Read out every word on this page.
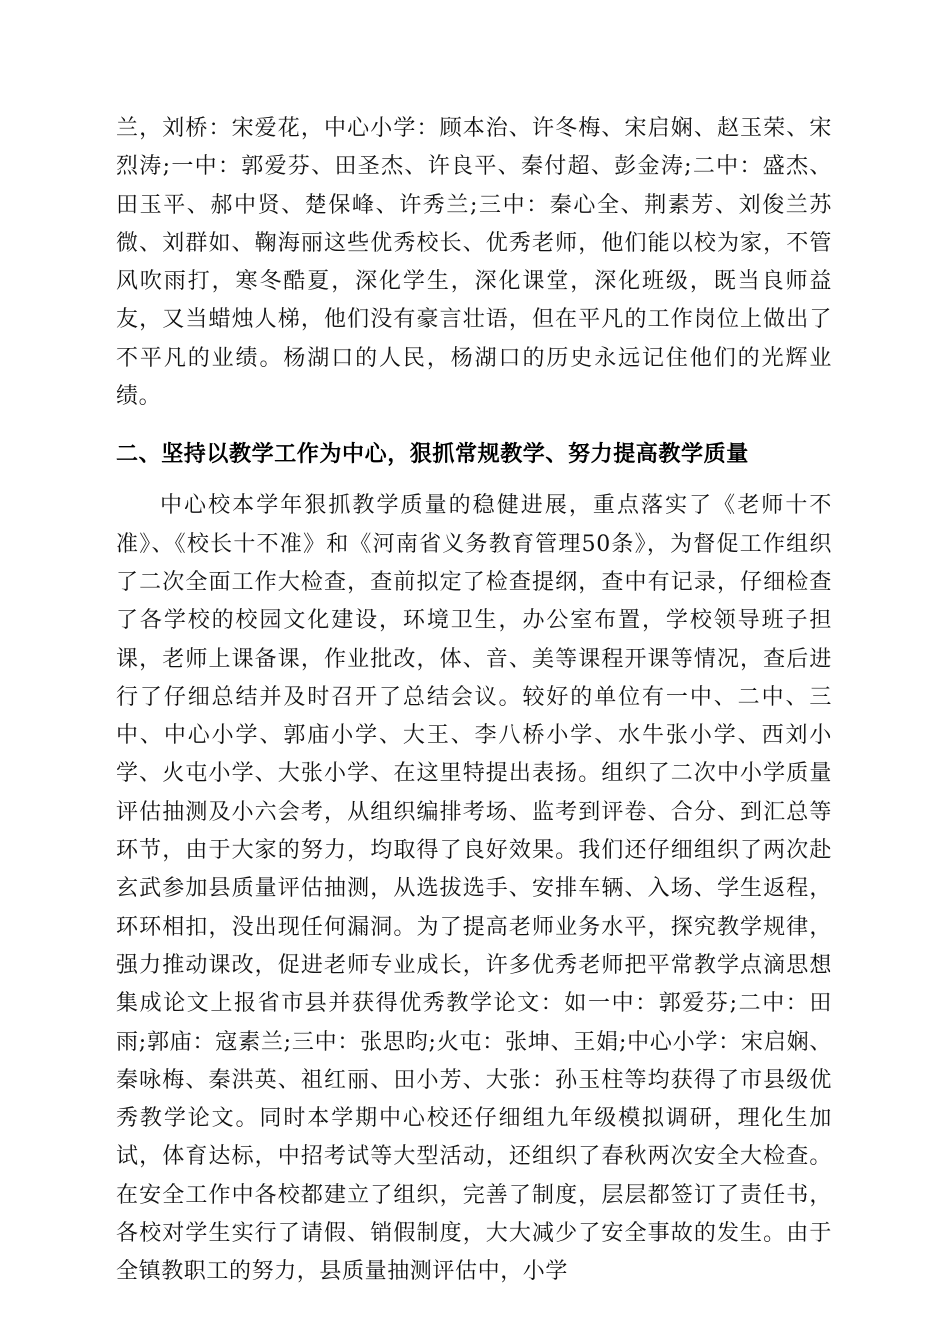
兰，刘桥：宋爱花，中心小学：顾本治、许冬梅、宋启娴、赵玉荣、宋烈涛;一中：郭爱芬、田圣杰、许良平、秦付超、彭金涛;二中：盛杰、田玉平、郝中贤、楚保峰、许秀兰;三中：秦心全、荆素芳、刘俊兰苏微、刘群如、鞠海丽这些优秀校长、优秀老师，他们能以校为家，不管风吹雨打，寒冬酷夏，深化学生，深化课堂，深化班级，既当良师益友，又当蜡烛人梯，他们没有豪言壮语，但在平凡的工作岗位上做出了不平凡的业绩。杨湖口的人民，杨湖口的历史永远记住他们的光辉业绩。

二、坚持以教学工作为中心，狠抓常规教学、努力提高教学质量

中心校本学年狠抓教学质量的稳健进展，重点落实了《老师十不准》、《校长十不准》和《河南省义务教育管理50条》，为督促工作组织了二次全面工作大检查，查前拟定了检查提纲，查中有记录，仔细检查了各学校的校园文化建设，环境卫生，办公室布置，学校领导班子担课，老师上课备课，作业批改，体、音、美等课程开课等情况，查后进行了仔细总结并及时召开了总结会议。较好的单位有一中、二中、三中、中心小学、郭庙小学、大王、李八桥小学、水牛张小学、西刘小学、火屯小学、大张小学、在这里特提出表扬。组织了二次中小学质量评估抽测及小六会考，从组织编排考场、监考到评卷、合分、到汇总等环节，由于大家的努力，均取得了良好效果。我们还仔细组织了两次赴玄武参加县质量评估抽测，从选拔选手、安排车辆、入场、学生返程，环环相扣，没出现任何漏洞。为了提高老师业务水平，探究教学规律，强力推动课改，促进老师专业成长，许多优秀老师把平常教学点滴思想集成论文上报省市县并获得优秀教学论文：如一中：郭爱芬;二中：田雨;郭庙：寇素兰;三中：张思昀;火屯：张坤、王娟;中心小学：宋启娴、秦咏梅、秦洪英、祖红丽、田小芳、大张：孙玉柱等均获得了市县级优秀教学论文。同时本学期中心校还仔细组九年级模拟调研，理化生加试，体育达标，中招考试等大型活动，还组织了春秋两次安全大检查。在安全工作中各校都建立了组织，完善了制度，层层都签订了责任书，各校对学生实行了请假、销假制度，大大减少了安全事故的发生。由于全镇教职工的努力，县质量抽测评估中，小学
